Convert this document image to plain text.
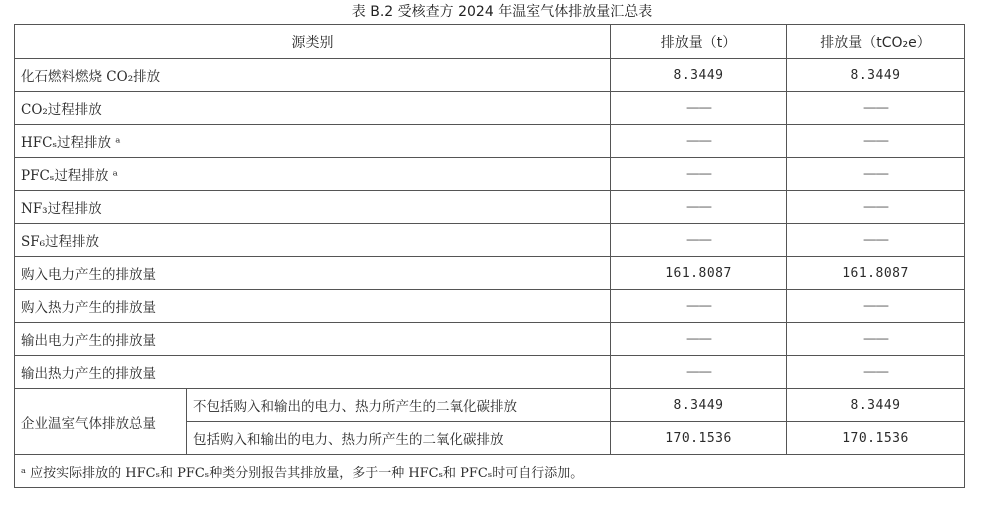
表 B.2 受核查方 2024 年温室气体排放量汇总表
源类别		排放量（t）	排放量（tCO₂e）
化石燃料燃烧 CO₂排放		8.3449	8.3449
CO₂过程排放		——	——
HFCₛ过程排放 ᵃ		——	——
PFCₛ过程排放 ᵃ		——	——
NF₃过程排放		——	——
SF₆过程排放		——	——
购入电力产生的排放量		161.8087	161.8087
购入热力产生的排放量		——	——
输出电力产生的排放量		——	——
输出热力产生的排放量		——	——
企业温室气体排放总量	不包括购入和输出的电力、热力所产生的二氧化碳排放	8.3449	8.3449
	包括购入和输出的电力、热力所产生的二氧化碳排放	170.1536	170.1536
ᵃ 应按实际排放的 HFCₛ和 PFCₛ种类分别报告其排放量，多于一种 HFCₛ和 PFCₛ时可自行添加。			
